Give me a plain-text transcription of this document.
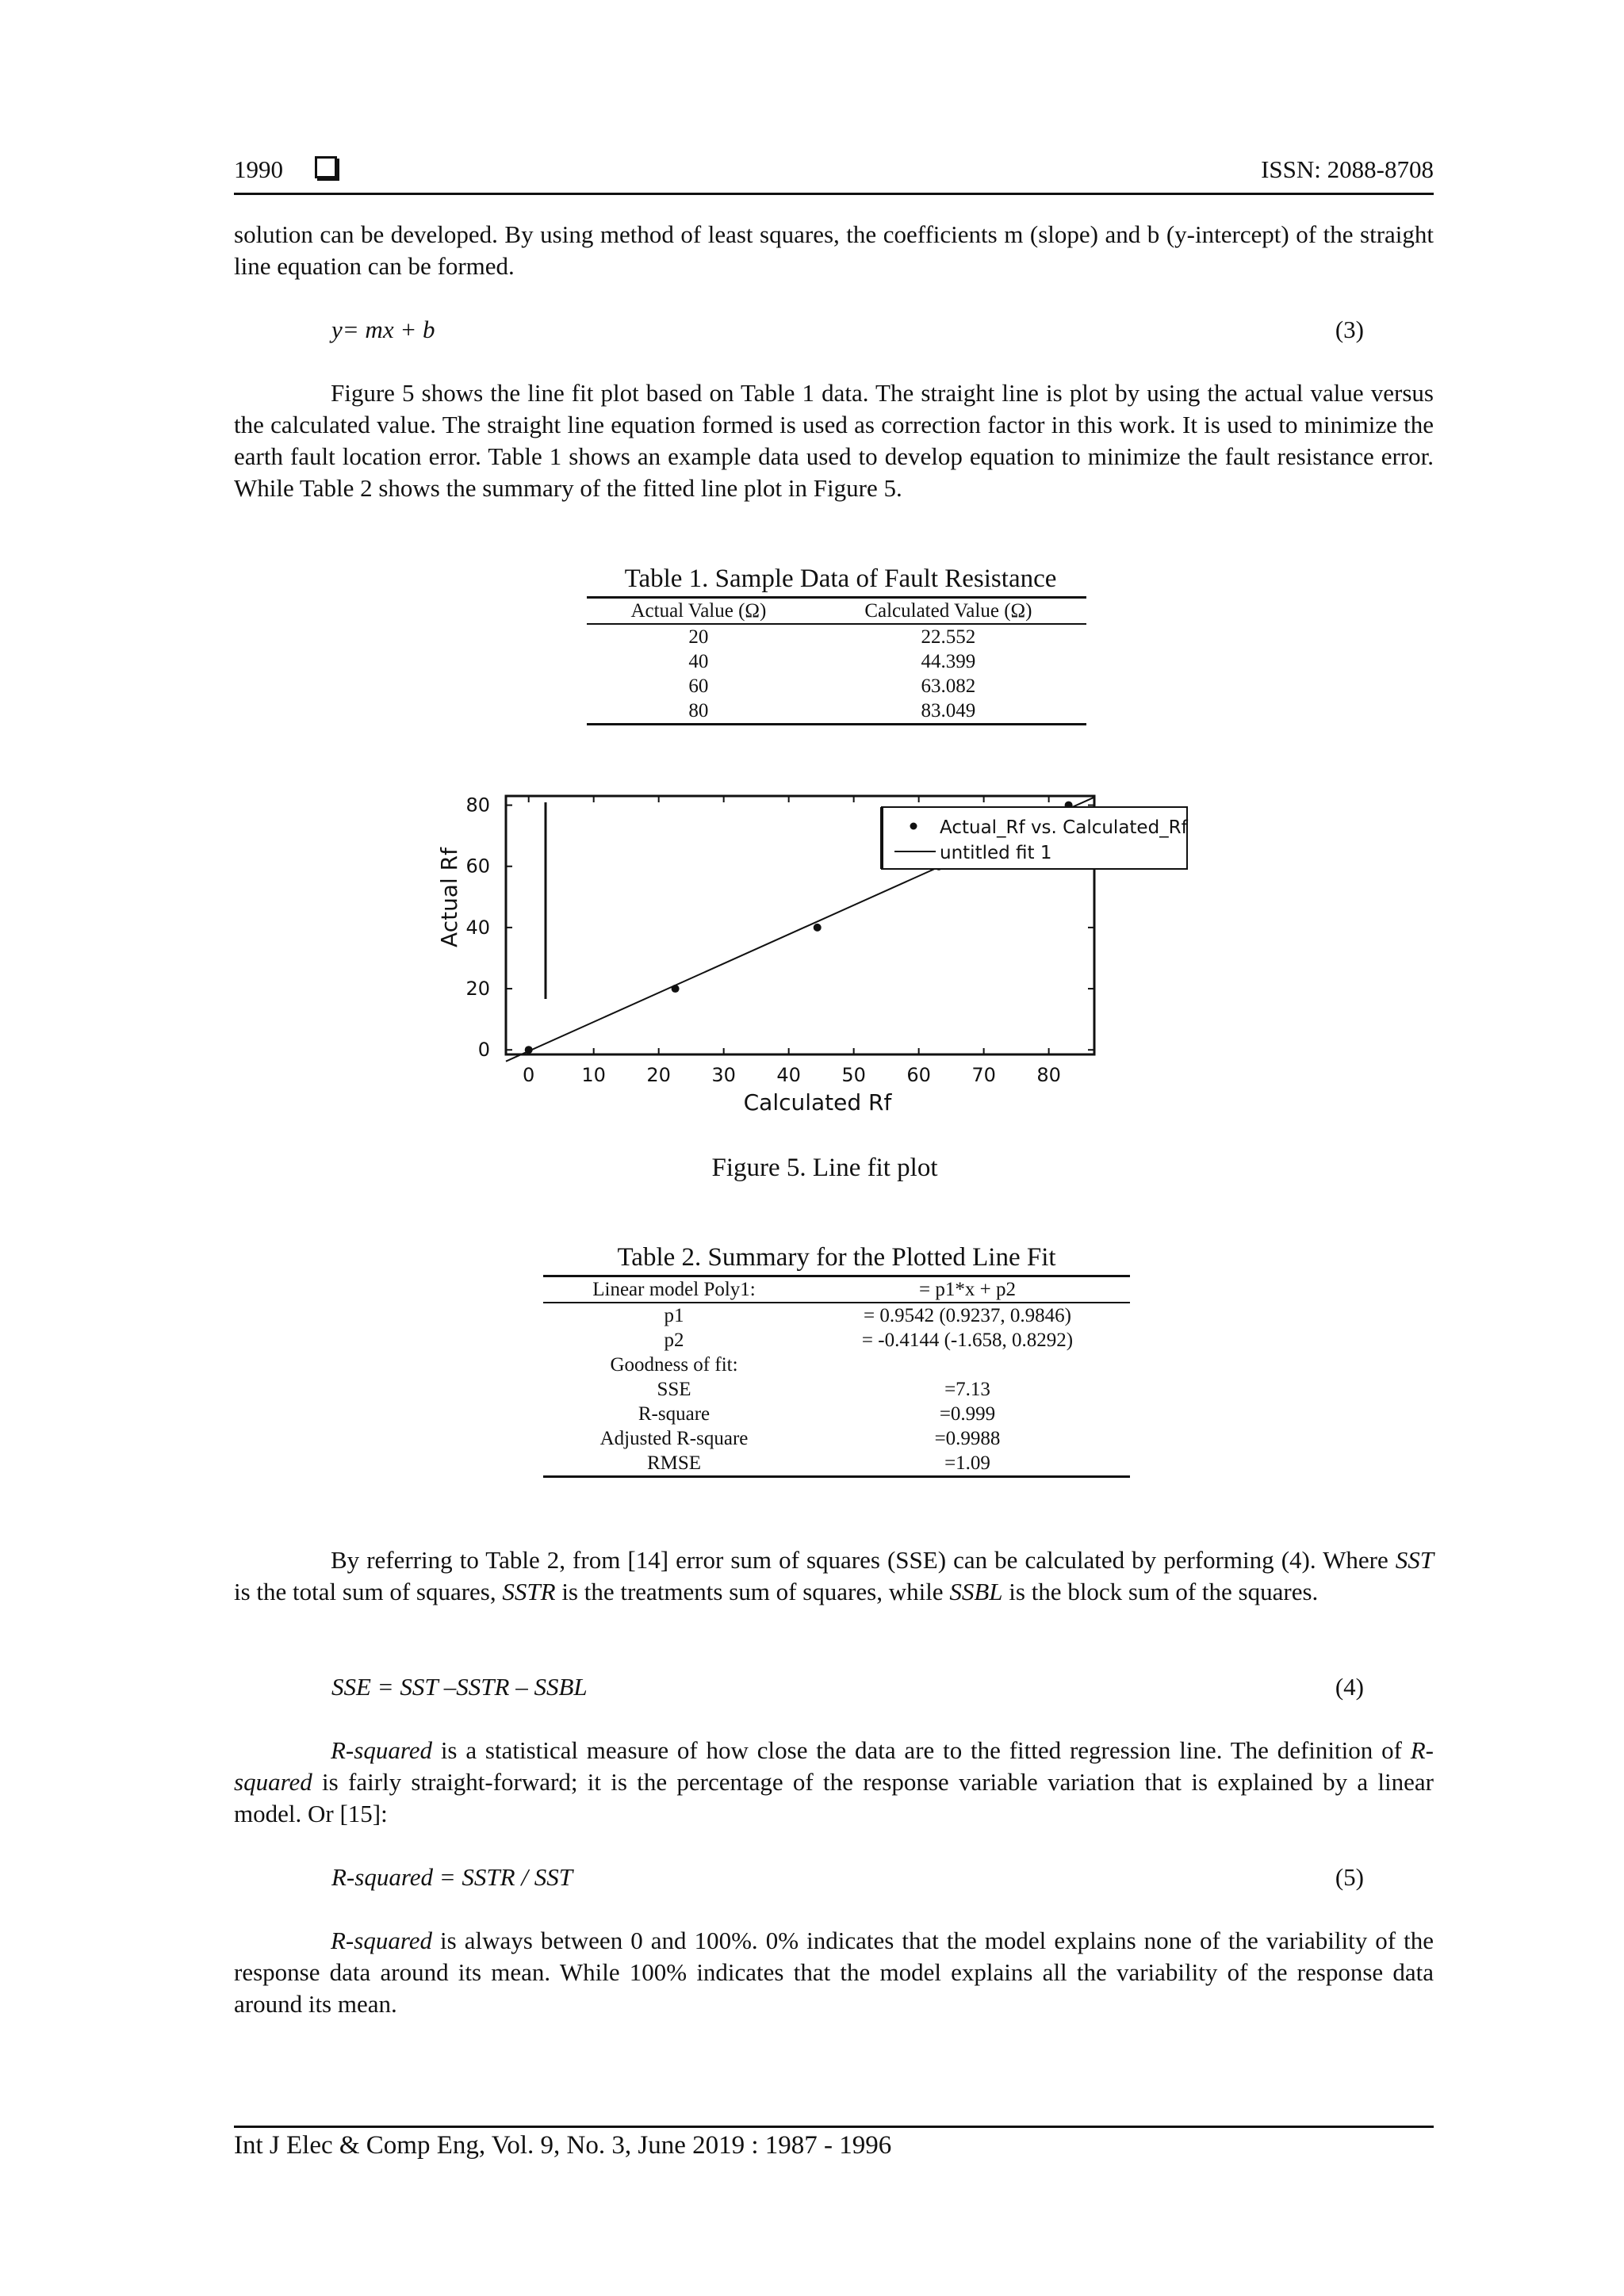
1990	ISSN: 2088-8708
solution can be developed. By using method of least squares, the coefficients m (slope) and b (y-intercept) of the straight line equation can be formed.
y= mx + b	(3)
Figure 5 shows the line fit plot based on Table 1 data. The straight line is plot by using the actual value versus the calculated value. The straight line equation formed is used as correction factor in this work. It is used to minimize the earth fault location error. Table 1 shows an example data used to develop equation to minimize the fault resistance error. While Table 2 shows the summary of the fitted line plot in Figure 5.
Table 1. Sample Data of Fault Resistance
Actual Value (Ω)	Calculated Value (Ω)
20	22.552
40	44.399
60	63.082
80	83.049
0 10 20 30 40 50 60 70 80
0
20
40
60
80
Actual_Rf vs. Calculated_Rf
untitled fit 1
Calculated Rf
Actual Rf
Figure 5. Line fit plot
Table 2. Summary for the Plotted Line Fit
Linear model Poly1:	= p1*x + p2
p1	= 0.9542 (0.9237, 0.9846)
p2	= -0.4144 (-1.658, 0.8292)
Goodness of fit:	
SSE	=7.13
R-square	=0.999
Adjusted R-square	=0.9988
RMSE	=1.09
By referring to Table 2, from [14] error sum of squares (SSE) can be calculated by performing (4). Where SST is the total sum of squares, SSTR is the treatments sum of squares, while SSBL is the block sum of the squares.
SSE = SST –SSTR – SSBL	(4)
R-squared is a statistical measure of how close the data are to the fitted regression line. The definition of R-squared is fairly straight-forward; it is the percentage of the response variable variation that is explained by a linear model. Or [15]:
R-squared = SSTR / SST	(5)
R-squared is always between 0 and 100%. 0% indicates that the model explains none of the variability of the response data around its mean. While 100% indicates that the model explains all the variability of the response data around its mean.
Int J Elec & Comp Eng, Vol. 9, No. 3, June 2019 : 1987 - 1996
